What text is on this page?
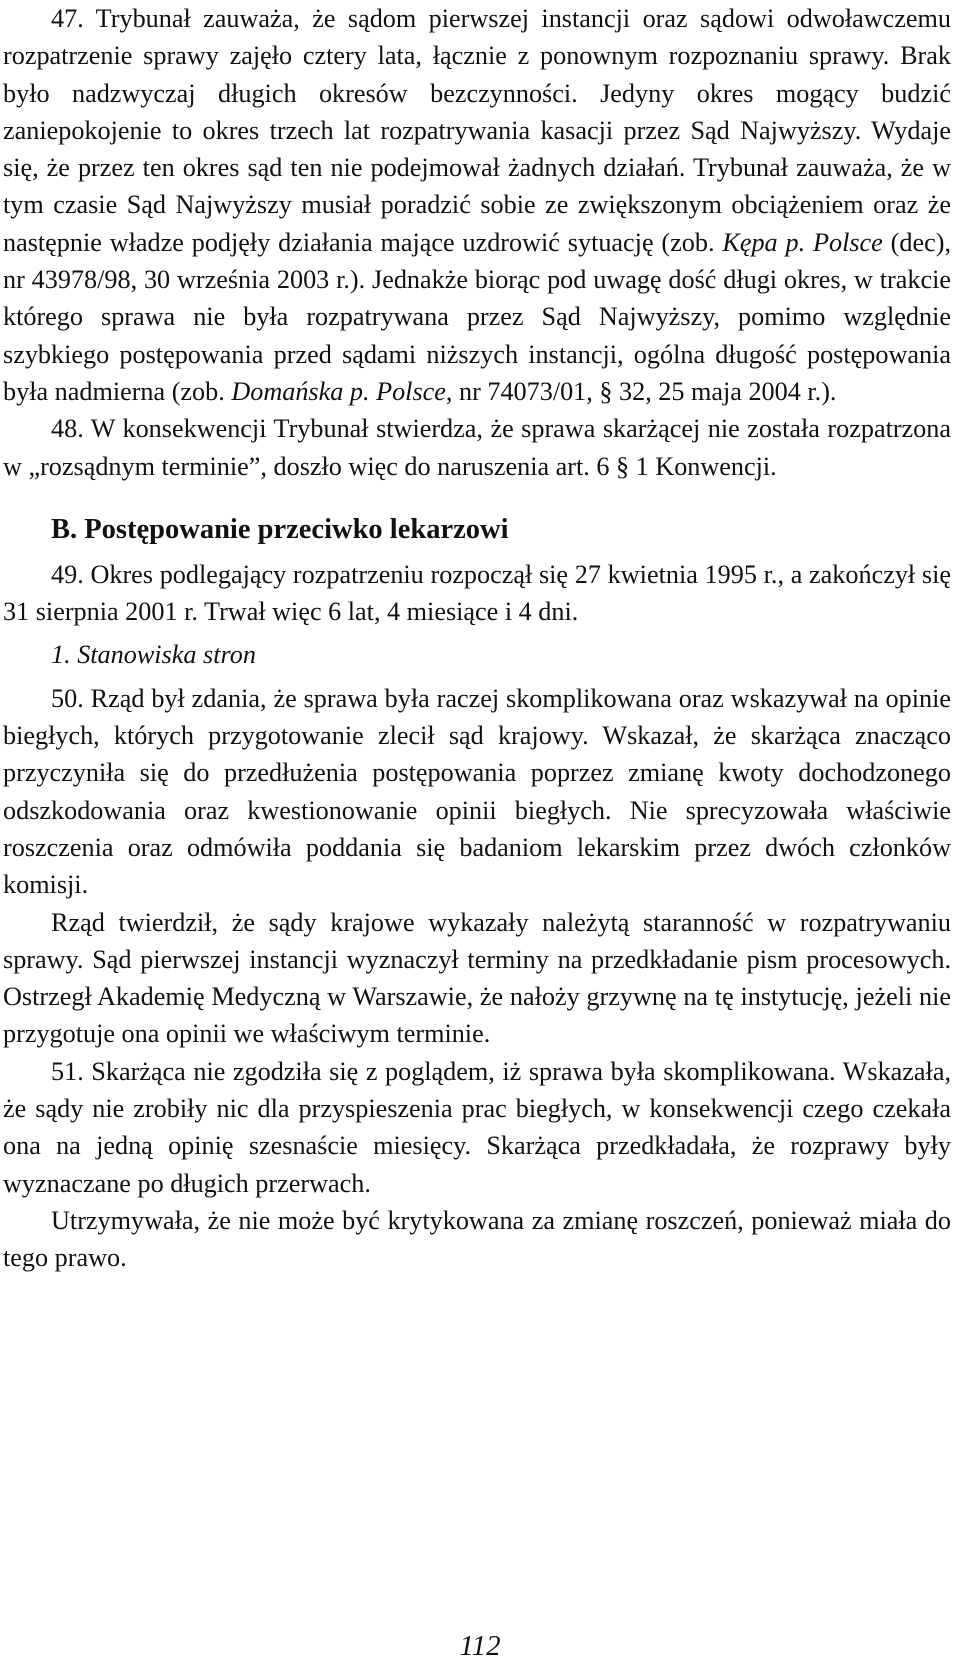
47. Trybunał zauważa, że sądom pierwszej instancji oraz sądowi odwoławczemu rozpatrzenie sprawy zajęło cztery lata, łącznie z ponownym rozpoznaniu sprawy. Brak było nadzwyczaj długich okresów bezczynności. Jedyny okres mogący budzić zaniepokojenie to okres trzech lat rozpatrywania kasacji przez Sąd Najwyższy. Wydaje się, że przez ten okres sąd ten nie podejmował żadnych działań. Trybunał zauważa, że w tym czasie Sąd Najwyższy musiał poradzić sobie ze zwiększonym obciążeniem oraz że następnie władze podjęły działania mające uzdrowić sytuację (zob. Kępa p. Polsce (dec), nr 43978/98, 30 września 2003 r.). Jednakże biorąc pod uwagę dość długi okres, w trakcie którego sprawa nie była rozpatrywana przez Sąd Najwyższy, pomimo względnie szybkiego postępowania przed sądami niższych instancji, ogólna długość postępowania była nadmierna (zob. Domańska p. Polsce, nr 74073/01, § 32, 25 maja 2004 r.).

48. W konsekwencji Trybunał stwierdza, że sprawa skarżącej nie została rozpatrzona w „rozsądnym terminie”, doszło więc do naruszenia art. 6 § 1 Konwencji.

B. Postępowanie przeciwko lekarzowi

49. Okres podlegający rozpatrzeniu rozpoczął się 27 kwietnia 1995 r., a zakończył się 31 sierpnia 2001 r. Trwał więc 6 lat, 4 miesiące i 4 dni.

1. Stanowiska stron

50. Rząd był zdania, że sprawa była raczej skomplikowana oraz wskazywał na opinie biegłych, których przygotowanie zlecił sąd krajowy. Wskazał, że skarżąca znacząco przyczyniła się do przedłużenia postępowania poprzez zmianę kwoty dochodzonego odszkodowania oraz kwestionowanie opinii biegłych. Nie sprecyzowała właściwie roszczenia oraz odmówiła poddania się badaniom lekarskim przez dwóch członków komisji.

Rząd twierdził, że sądy krajowe wykazały należytą staranność w rozpatrywaniu sprawy. Sąd pierwszej instancji wyznaczył terminy na przedkładanie pism procesowych. Ostrzegł Akademię Medyczną w Warszawie, że nałoży grzywnę na tę instytucję, jeżeli nie przygotuje ona opinii we właściwym terminie.

51. Skarżąca nie zgodziła się z poglądem, iż sprawa była skomplikowana. Wskazała, że sądy nie zrobiły nic dla przyspieszenia prac biegłych, w konsekwencji czego czekała ona na jedną opinię szesnaście miesięcy. Skarżąca przedkładała, że rozprawy były wyznaczane po długich przerwach.

Utrzymywała, że nie może być krytykowana za zmianę roszczeń, ponieważ miała do tego prawo.

112
